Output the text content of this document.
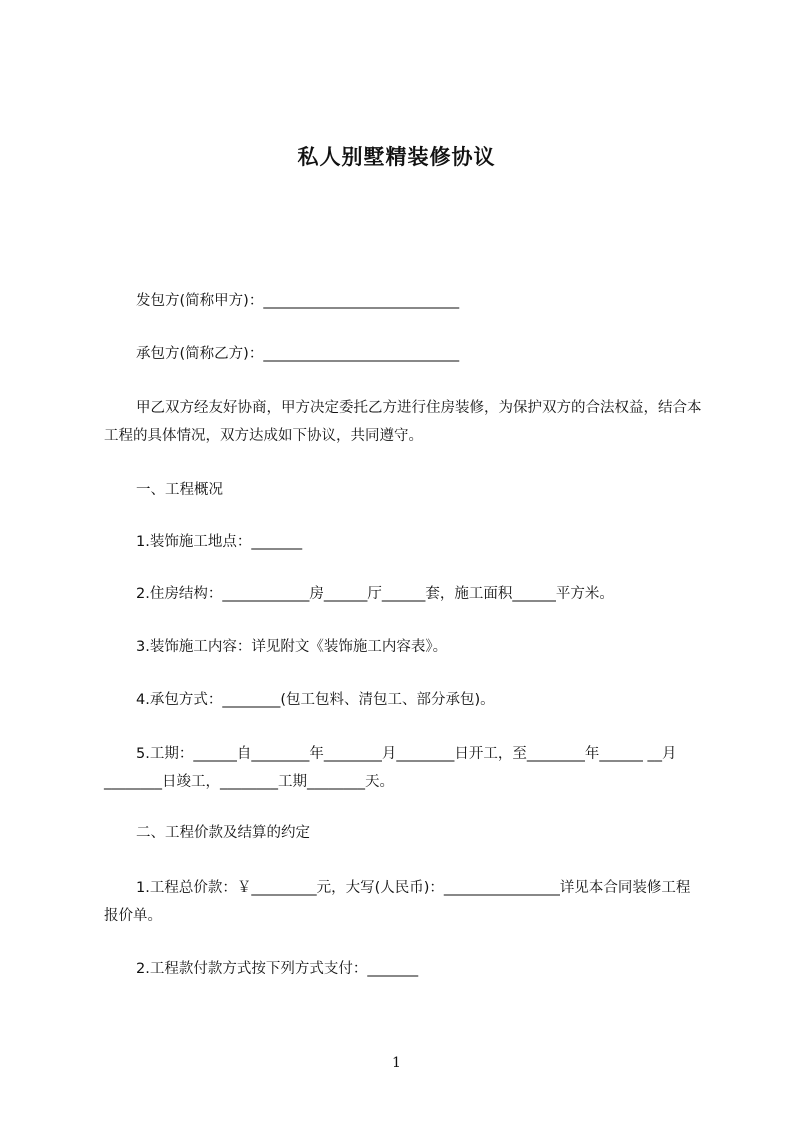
私人别墅精装修协议
发包方(简称甲方)：___________________________
承包方(简称乙方)：___________________________
甲乙双方经友好协商，甲方决定委托乙方进行住房装修，为保护双方的合法权益，结合本工程的具体情况，双方达成如下协议，共同遵守。
一、工程概况
1.装饰施工地点：_______
2.住房结构：____________房______厅______套，施工面积______平方米。
3.装饰施工内容：详见附文《装饰施工内容表》。
4.承包方式：________(包工包料、清包工、部分承包)。
5.工期：______自________年________月________日开工，至________年______ __月________日竣工，________工期________天。
二、工程价款及结算的约定
1.工程总价款：￥_________元，大写(人民币)：________________详见本合同装修工程报价单。
2.工程款付款方式按下列方式支付：_______
1
